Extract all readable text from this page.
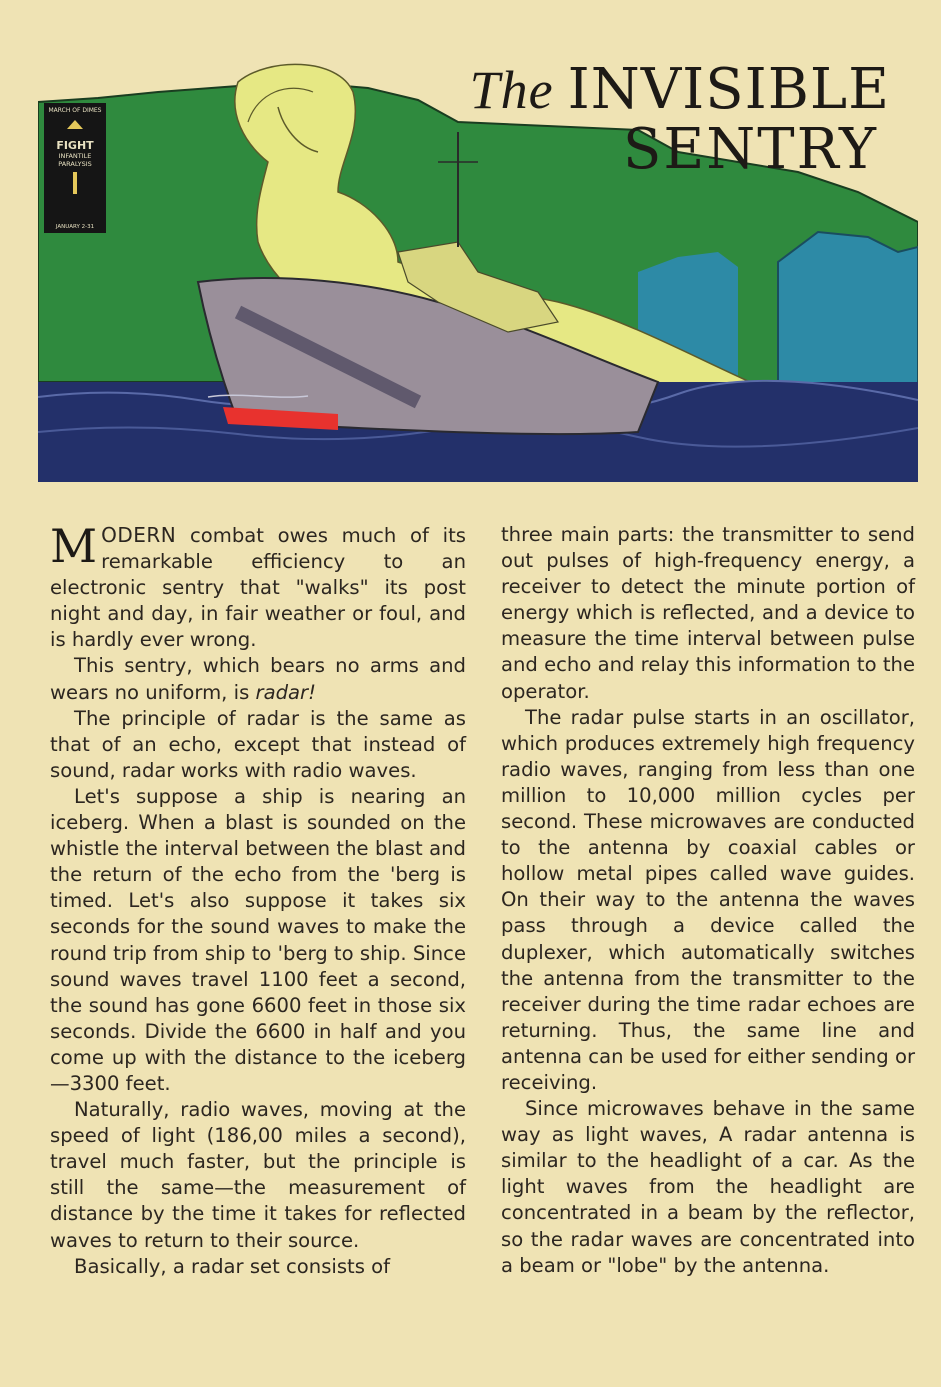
MARCH OF DIMES
FIGHT
INFANTILE
PARALYSIS
JANUARY 2-31
The INVISIBLE
SENTRY

MODERN combat owes much of its remarkable efficiency to an electronic sentry that "walks" its post night and day, in fair weather or foul, and is hardly ever wrong.

This sentry, which bears no arms and wears no uniform, is radar!

The principle of radar is the same as that of an echo, except that instead of sound, radar works with radio waves.

Let's suppose a ship is nearing an iceberg. When a blast is sounded on the whistle the interval between the blast and the return of the echo from the 'berg is timed. Let's also suppose it takes six seconds for the sound waves to make the round trip from ship to 'berg to ship. Since sound waves travel 1100 feet a second, the sound has gone 6600 feet in those six seconds. Divide the 6600 in half and you come up with the distance to the iceberg—3300 feet.

Naturally, radio waves, moving at the speed of light (186,00 miles a second), travel much faster, but the principle is still the same—the measurement of distance by the time it takes for reflected waves to return to their source.

Basically, a radar set consists of

three main parts: the transmitter to send out pulses of high-frequency energy, a receiver to detect the minute portion of energy which is reflected, and a device to measure the time interval between pulse and echo and relay this information to the operator.

The radar pulse starts in an oscillator, which produces extremely high frequency radio waves, ranging from less than one million to 10,000 million cycles per second. These microwaves are conducted to the antenna by coaxial cables or hollow metal pipes called wave guides. On their way to the antenna the waves pass through a device called the duplexer, which automatically switches the antenna from the transmitter to the receiver during the time radar echoes are returning. Thus, the same line and antenna can be used for either sending or receiving.

Since microwaves behave in the same way as light waves, A radar antenna is similar to the headlight of a car. As the light waves from the headlight are concentrated in a beam by the reflector, so the radar waves are concentrated into a beam or "lobe" by the antenna.
